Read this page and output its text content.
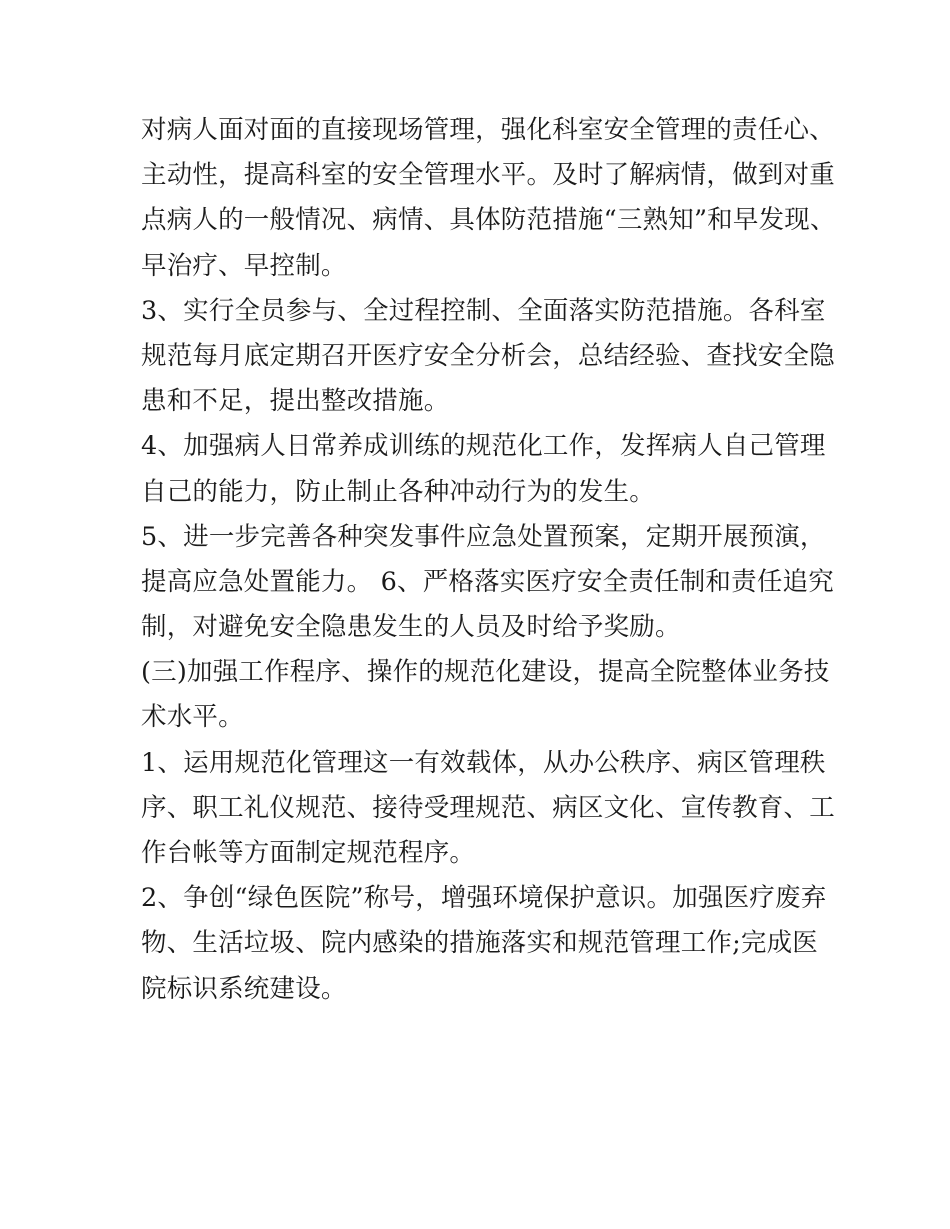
对病人面对面的直接现场管理，强化科室安全管理的责任心、
主动性，提高科室的安全管理水平。及时了解病情，做到对重
点病人的一般情况、病情、具体防范措施“三熟知”和早发现、
早治疗、早控制。
3、实行全员参与、全过程控制、全面落实防范措施。各科室
规范每月底定期召开医疗安全分析会，总结经验、查找安全隐
患和不足，提出整改措施。
4、加强病人日常养成训练的规范化工作，发挥病人自己管理
自己的能力，防止制止各种冲动行为的发生。
5、进一步完善各种突发事件应急处置预案，定期开展预演，
提高应急处置能力。 6、严格落实医疗安全责任制和责任追究
制，对避免安全隐患发生的人员及时给予奖励。
(三)加强工作程序、操作的规范化建设，提高全院整体业务技
术水平。
1、运用规范化管理这一有效载体，从办公秩序、病区管理秩
序、职工礼仪规范、接待受理规范、病区文化、宣传教育、工
作台帐等方面制定规范程序。
2、争创“绿色医院”称号，增强环境保护意识。加强医疗废弃
物、生活垃圾、院内感染的措施落实和规范管理工作;完成医
院标识系统建设。
